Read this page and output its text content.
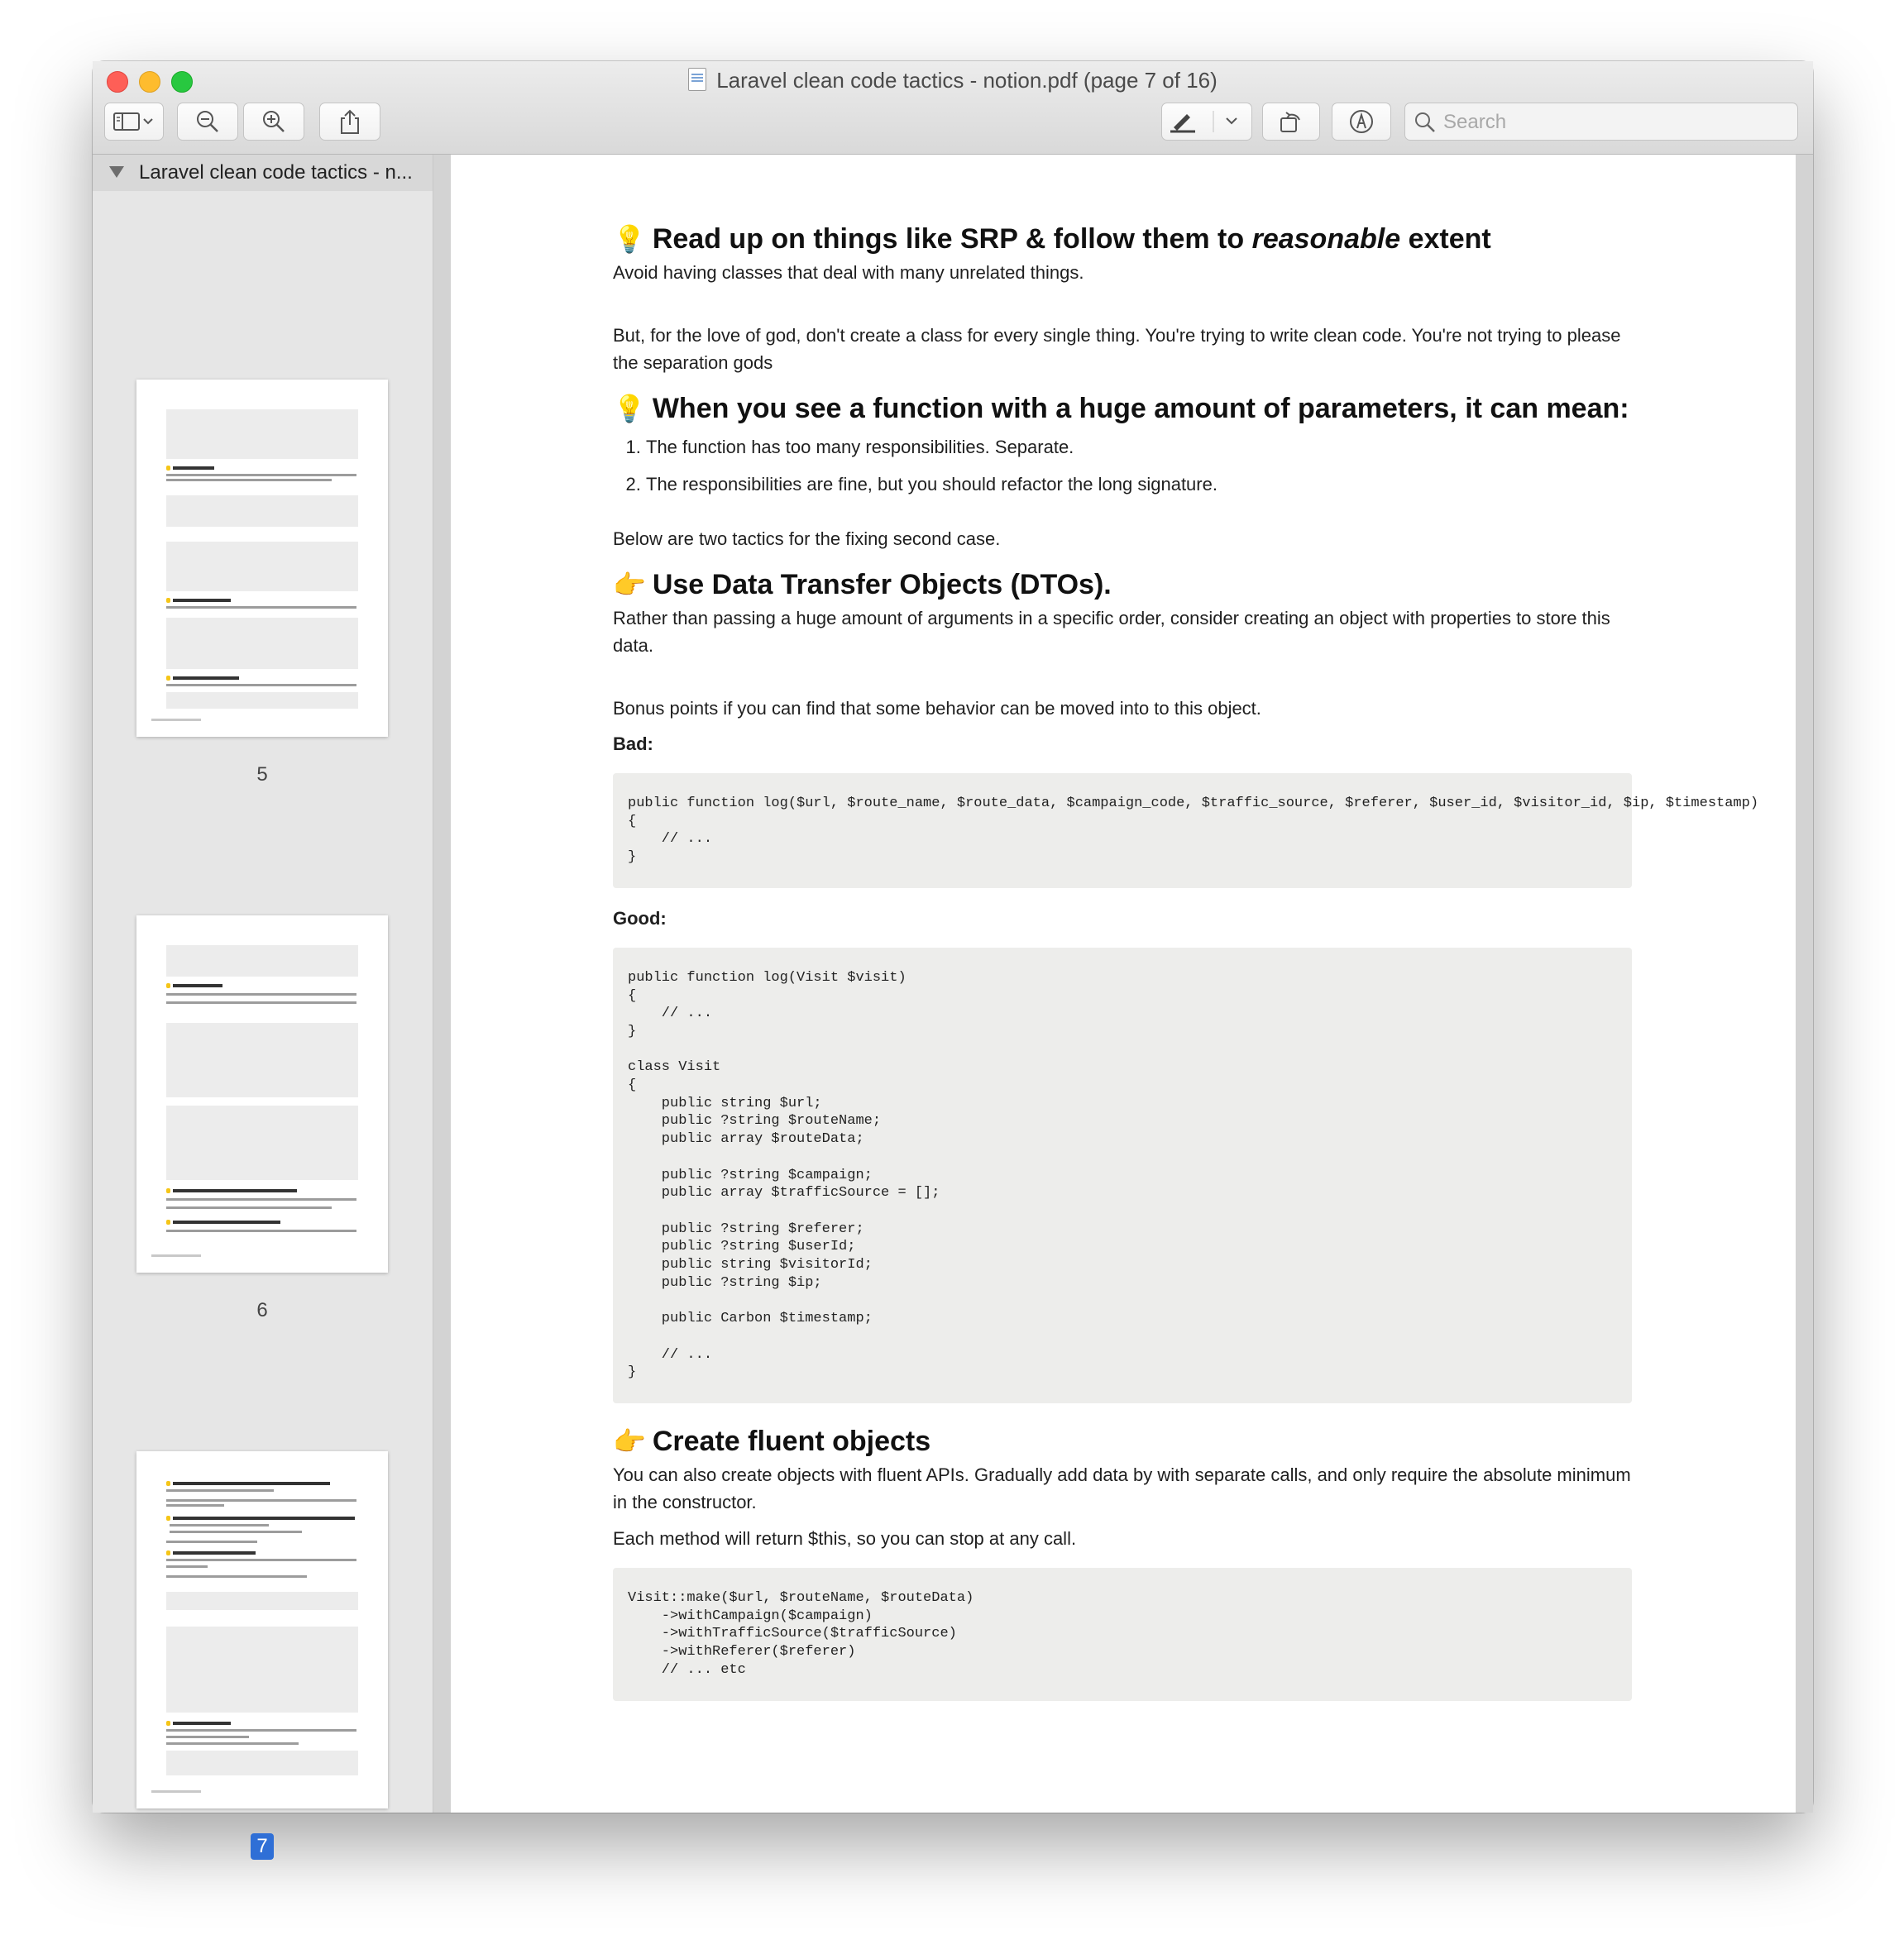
Laravel clean code tactics - notion.pdf (page 7 of 16)
Search
Laravel clean code tactics - n...
5
6
7
💡 Read up on things like SRP & follow them to reasonable extent

Avoid having classes that deal with many unrelated things.

But, for the love of god, don't create a class for every single thing. You're trying to write clean code. You're not trying to please the separation gods

💡 When you see a function with a huge amount of parameters, it can mean:
1. The function has too many responsibilities. Separate.
2. The responsibilities are fine, but you should refactor the long signature.

Below are two tactics for the fixing second case.

👉 Use Data Transfer Objects (DTOs).

Rather than passing a huge amount of arguments in a specific order, consider creating an object with properties to store this data.

Bonus points if you can find that some behavior can be moved into to this object.

Bad:

public function log($url, $route_name, $route_data, $campaign_code, $traffic_source, $referer, $user_id, $visitor_id, $ip, $timestamp)
{
// ...
}

Good:

public function log(Visit $visit)
{
// ...
}

class Visit
{
public string $url;
public ?string $routeName;
public array $routeData;

public ?string $campaign;
public array $trafficSource = [];

public ?string $referer;
public ?string $userId;
public string $visitorId;
public ?string $ip;

public Carbon $timestamp;

// ...
}
👉 Create fluent objects

You can also create objects with fluent APIs. Gradually add data by with separate calls, and only require the absolute minimum in the constructor.

Each method will return $this, so you can stop at any call.

Visit::make($url, $routeName, $routeData)
->withCampaign($campaign)
->withTrafficSource($trafficSource)
->withReferer($referer)
// ... etc
